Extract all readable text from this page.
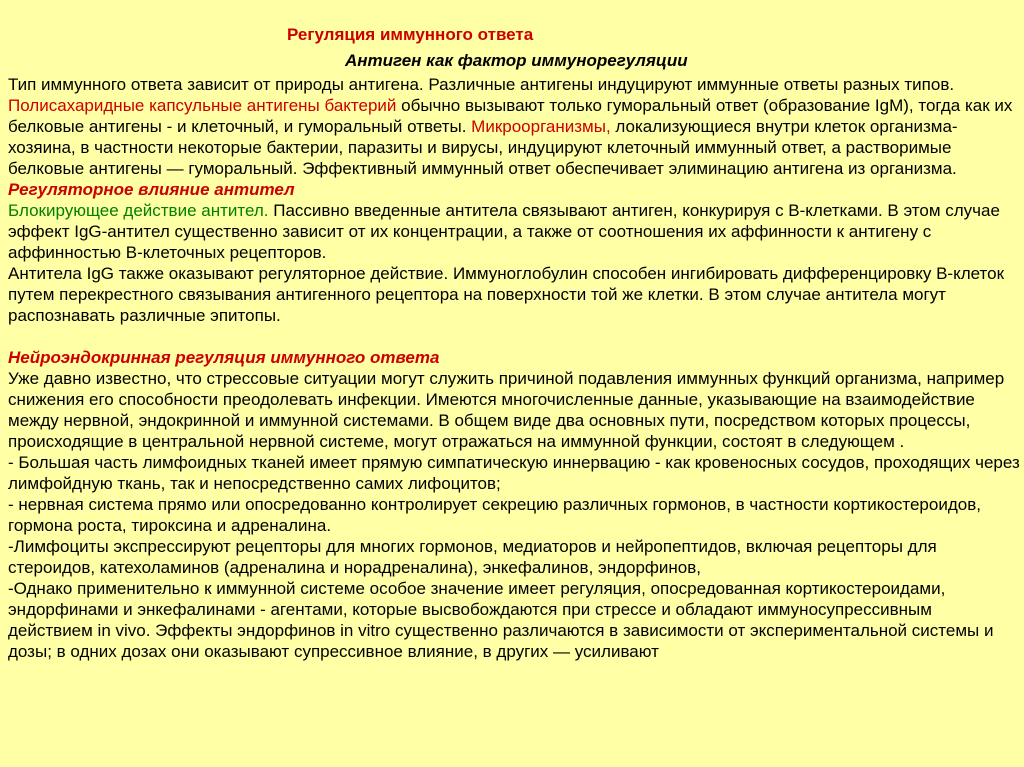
Регуляция иммунного ответа
Антиген как фактор иммунорегуляции

Тип иммунного ответа зависит от природы антигена. Различные антигены индуцируют иммунные ответы разных типов.

Полисахаридные капсульные антигены бактерий обычно вызывают только гуморальный ответ (образование IgM), тогда как их белковые антигены - и клеточный, и гуморальный ответы. Микроорганизмы, локализующиеся внутри клеток организма-хозяина, в частности некоторые бактерии, паразиты и вирусы, индуцируют клеточный иммунный ответ, а растворимые белковые антигены — гуморальный. Эффективный иммунный ответ обеспечивает элиминацию антигена из организма.

Регуляторное влияние антител

Блокирующее действие антител. Пассивно введенные антитела связывают антиген, конкурируя с В-клетками. В этом случае эффект IgG-антител существенно зависит от их концентрации, а также от соотношения их аффинности к антигену с аффинностью В-клеточных рецепторов.

Антитела IgG также оказывают регуляторное действие. Иммуноглобулин способен ингибировать дифференцировку В-клеток путем перекрестного связывания антигенного рецептора на поверхности той же клетки. В этом случае антитела могут распознавать различные эпитопы.

Нейроэндокринная регуляция иммунного ответа

Уже давно известно, что стрессовые ситуации могут служить причиной подавления иммунных функций организма, например снижения его способности преодолевать инфекции. Имеются многочисленные данные, указывающие на взаимодействие между нервной, эндокринной и иммунной системами. В общем виде два основных пути, посредством которых процессы, происходящие в центральной нервной системе, могут отражаться на иммунной функции, состоят в следующем .

- Большая часть лимфоидных тканей имеет прямую симпатическую иннервацию - как кровеносных сосудов, проходящих через лимфойдную ткань, так и непосредственно самих лифоцитов;

- нервная система прямо или опосредованно контролирует секрецию различных гормонов, в частности кортикостероидов, гормона роста, тироксина и адреналина.

-Лимфоциты экспрессируют рецепторы для многих гормонов, медиаторов и нейропептидов, включая рецепторы для стероидов, катехоламинов (адреналина и норадреналина), энкефалинов, эндорфинов,

-Однако применительно к иммунной системе особое значение имеет регуляция, опосредованная кортикостероидами, эндорфинами и энкефалинами - агентами, которые высвобождаются при стрессе и обладают иммуносупрессивным действием in vivo. Эффекты эндорфинов in vitro существенно различаются в зависимости от экспериментальной системы и дозы; в одних дозах они оказывают супрессивное влияние, в других — усиливают
